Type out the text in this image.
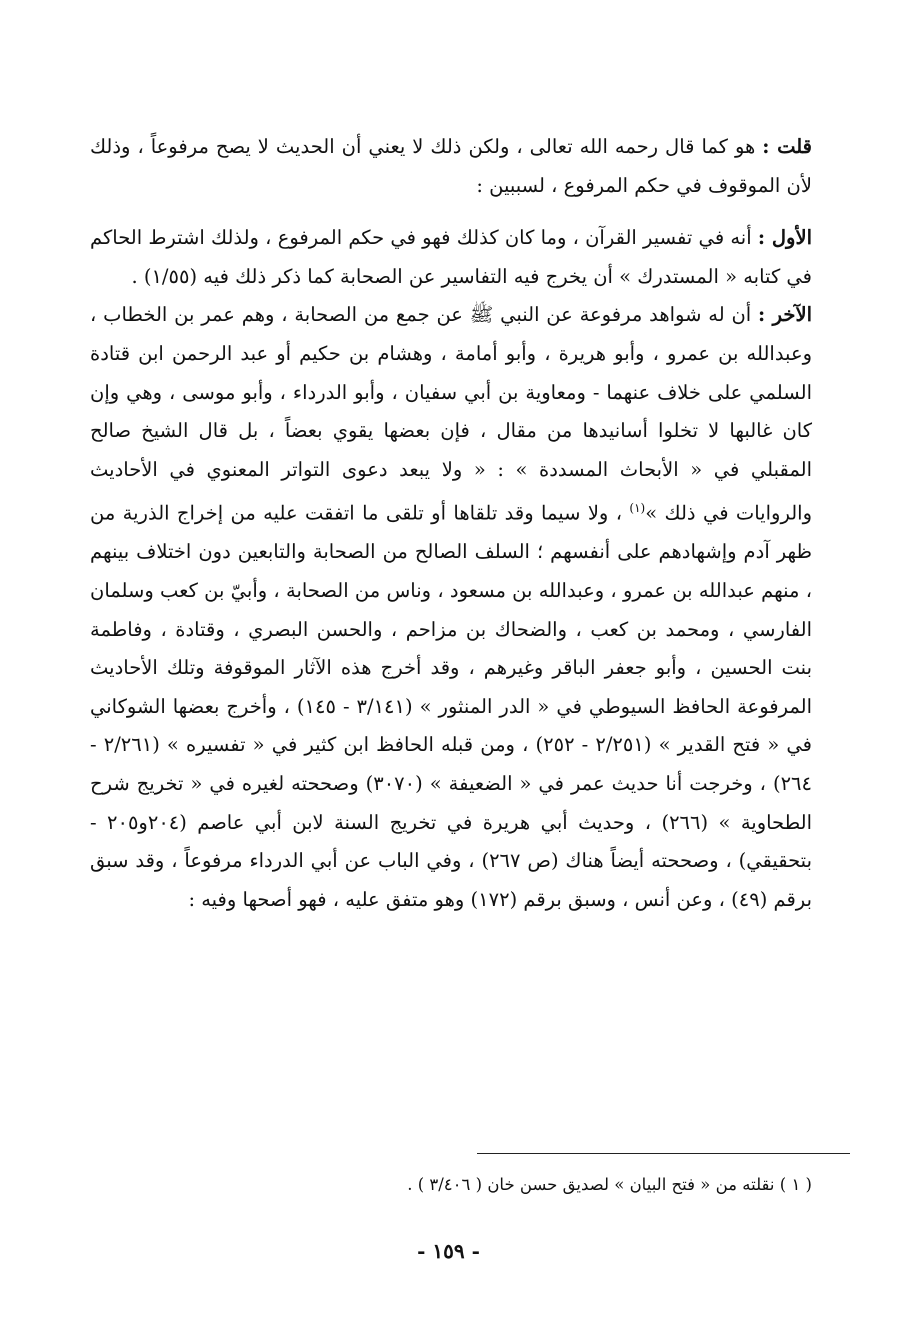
قلت : هو كما قال رحمه الله تعالى ، ولكن ذلك لا يعني أن الحديث لا يصح مرفوعاً ، وذلك لأن الموقوف في حكم المرفوع ، لسببين :

الأول : أنه في تفسير القرآن ، وما كان كذلك فهو في حكم المرفوع ، ولذلك اشترط الحاكم في كتابه « المستدرك » أن يخرج فيه التفاسير عن الصحابة كما ذكر ذلك فيه (١/٥٥) .

الآخر : أن له شواهد مرفوعة عن النبي ﷺ عن جمع من الصحابة ، وهم عمر بن الخطاب ، وعبدالله بن عمرو ، وأبو هريرة ، وأبو أمامة ، وهشام بن حكيم أو عبد الرحمن ابن قتادة السلمي على خلاف عنهما - ومعاوية بن أبي سفيان ، وأبو الدرداء ، وأبو موسى ، وهي وإن كان غالبها لا تخلوا أسانيدها من مقال ، فإن بعضها يقوي بعضاً ، بل قال الشيخ صالح المقبلي في « الأبحاث المسددة » : « ولا يبعد دعوى التواتر المعنوي في الأحاديث والروايات في ذلك »$^{(١)}$ ، ولا سيما وقد تلقاها أو تلقى ما اتفقت عليه من إخراج الذرية من ظهر آدم وإشهادهم على أنفسهم ؛ السلف الصالح من الصحابة والتابعين دون اختلاف بينهم ، منهم عبدالله بن عمرو ، وعبدالله بن مسعود ، وناس من الصحابة ، وأبيّ بن كعب وسلمان الفارسي ، ومحمد بن كعب ، والضحاك بن مزاحم ، والحسن البصري ، وقتادة ، وفاطمة بنت الحسين ، وأبو جعفر الباقر وغيرهم ، وقد أخرج هذه الآثار الموقوفة وتلك الأحاديث المرفوعة الحافظ السيوطي في « الدر المنثور » (٣/١٤١ - ١٤٥) ، وأخرج بعضها الشوكاني في « فتح القدير » (٢/٢٥١ - ٢٥٢) ، ومن قبله الحافظ ابن كثير في « تفسيره » (٢/٢٦١ - ٢٦٤) ، وخرجت أنا حديث عمر في « الضعيفة » (٣٠٧٠) وصححته لغيره في « تخريج شرح الطحاوية » (٢٦٦) ، وحديث أبي هريرة في تخريج السنة لابن أبي عاصم (٢٠٤و٢٠٥ - بتحقيقي) ، وصححته أيضاً هناك (ص ٢٦٧) ، وفي الباب عن أبي الدرداء مرفوعاً ، وقد سبق برقم (٤٩) ، وعن أنس ، وسبق برقم (١٧٢) وهو متفق عليه ، فهو أصحها وفيه :

( ١ ) نقلته من « فتح البيان » لصديق حسن خان ( ٣/٤٠٦ ) .
- ١٥٩ -
